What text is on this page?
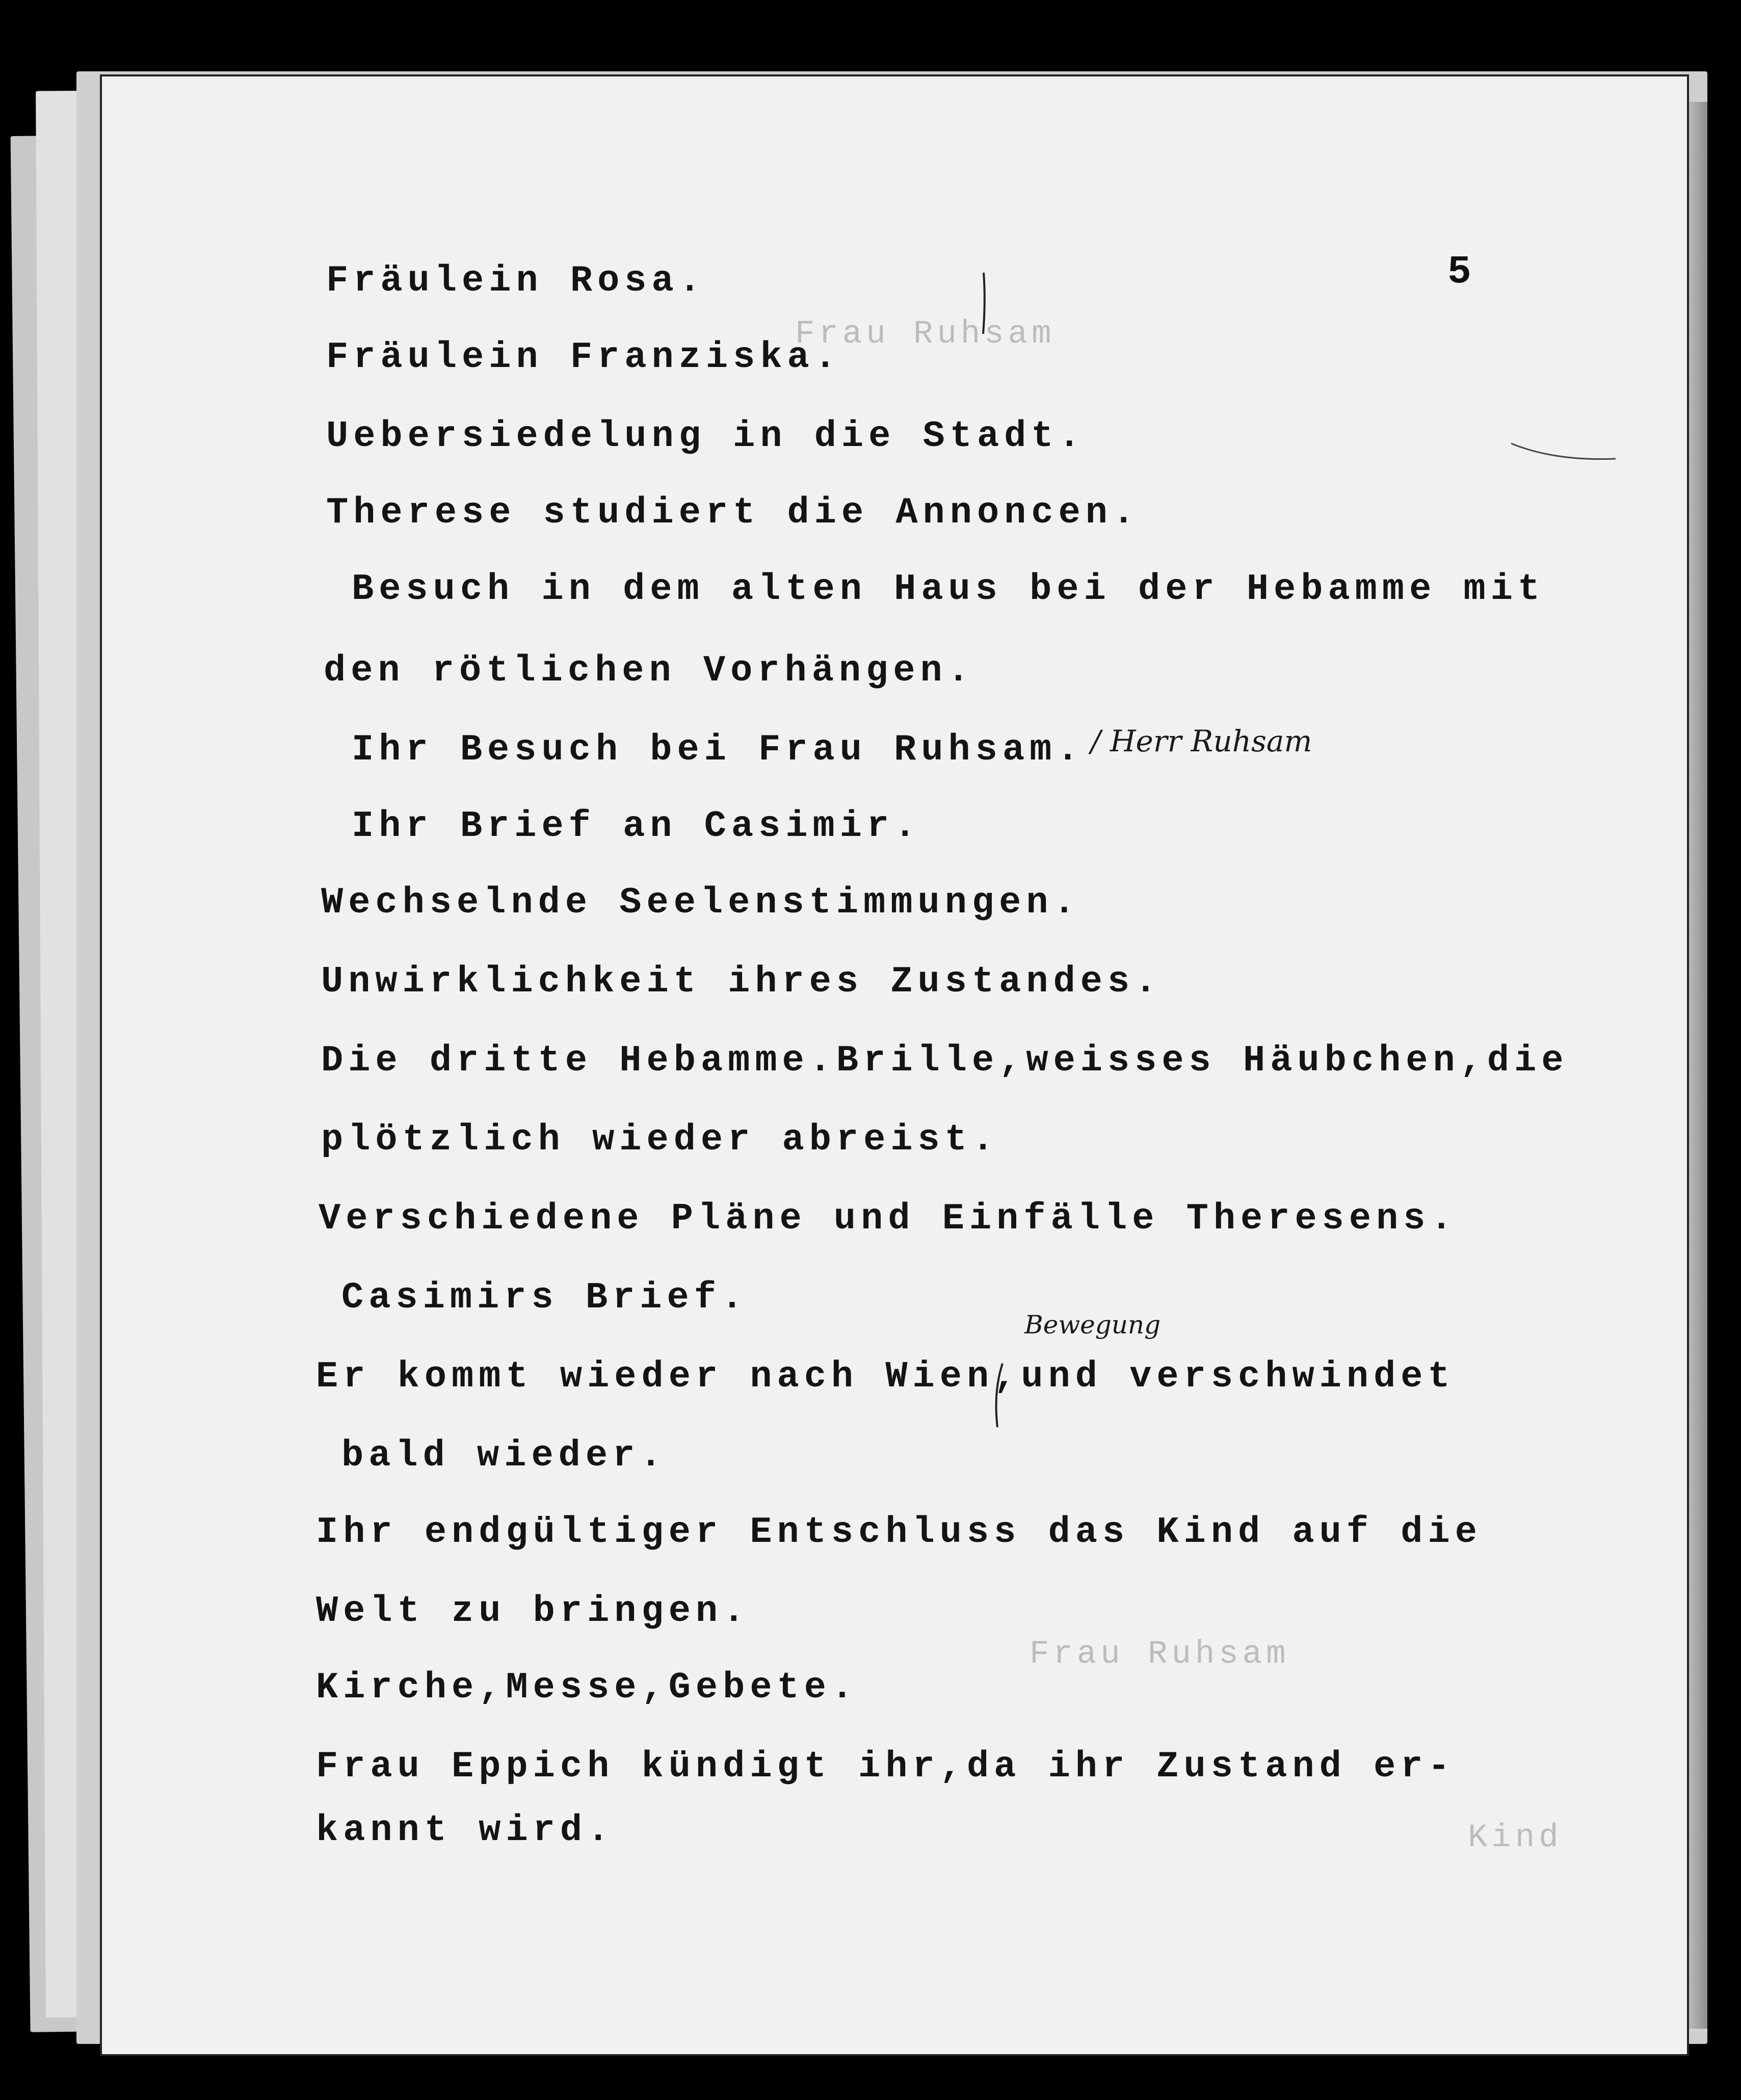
Frau Ruhsam
Frau Ruhsam
Kind
5

Fräulein Rosa.

Fräulein Franziska.

Uebersiedelung in die Stadt.

Therese studiert die Annoncen.

Besuch in dem alten Haus bei der Hebamme mit

den rötlichen Vorhängen.

Ihr Besuch bei Frau Ruhsam.

Ihr Brief an Casimir.

Wechselnde Seelenstimmungen.

Unwirklichkeit ihres Zustandes.

Die dritte Hebamme.Brille,weisses Häubchen,die

plötzlich wieder abreist.

Verschiedene Pläne und Einfälle Theresens.

Casimirs Brief.

Er kommt wieder nach Wien,und verschwindet

bald wieder.

Ihr endgültiger Entschluss das Kind auf die

Welt zu bringen.

Kirche,Messe,Gebete.

Frau Eppich kündigt ihr,da ihr Zustand er-

kannt wird.

/ Herr Ruhsam

Bewegung
